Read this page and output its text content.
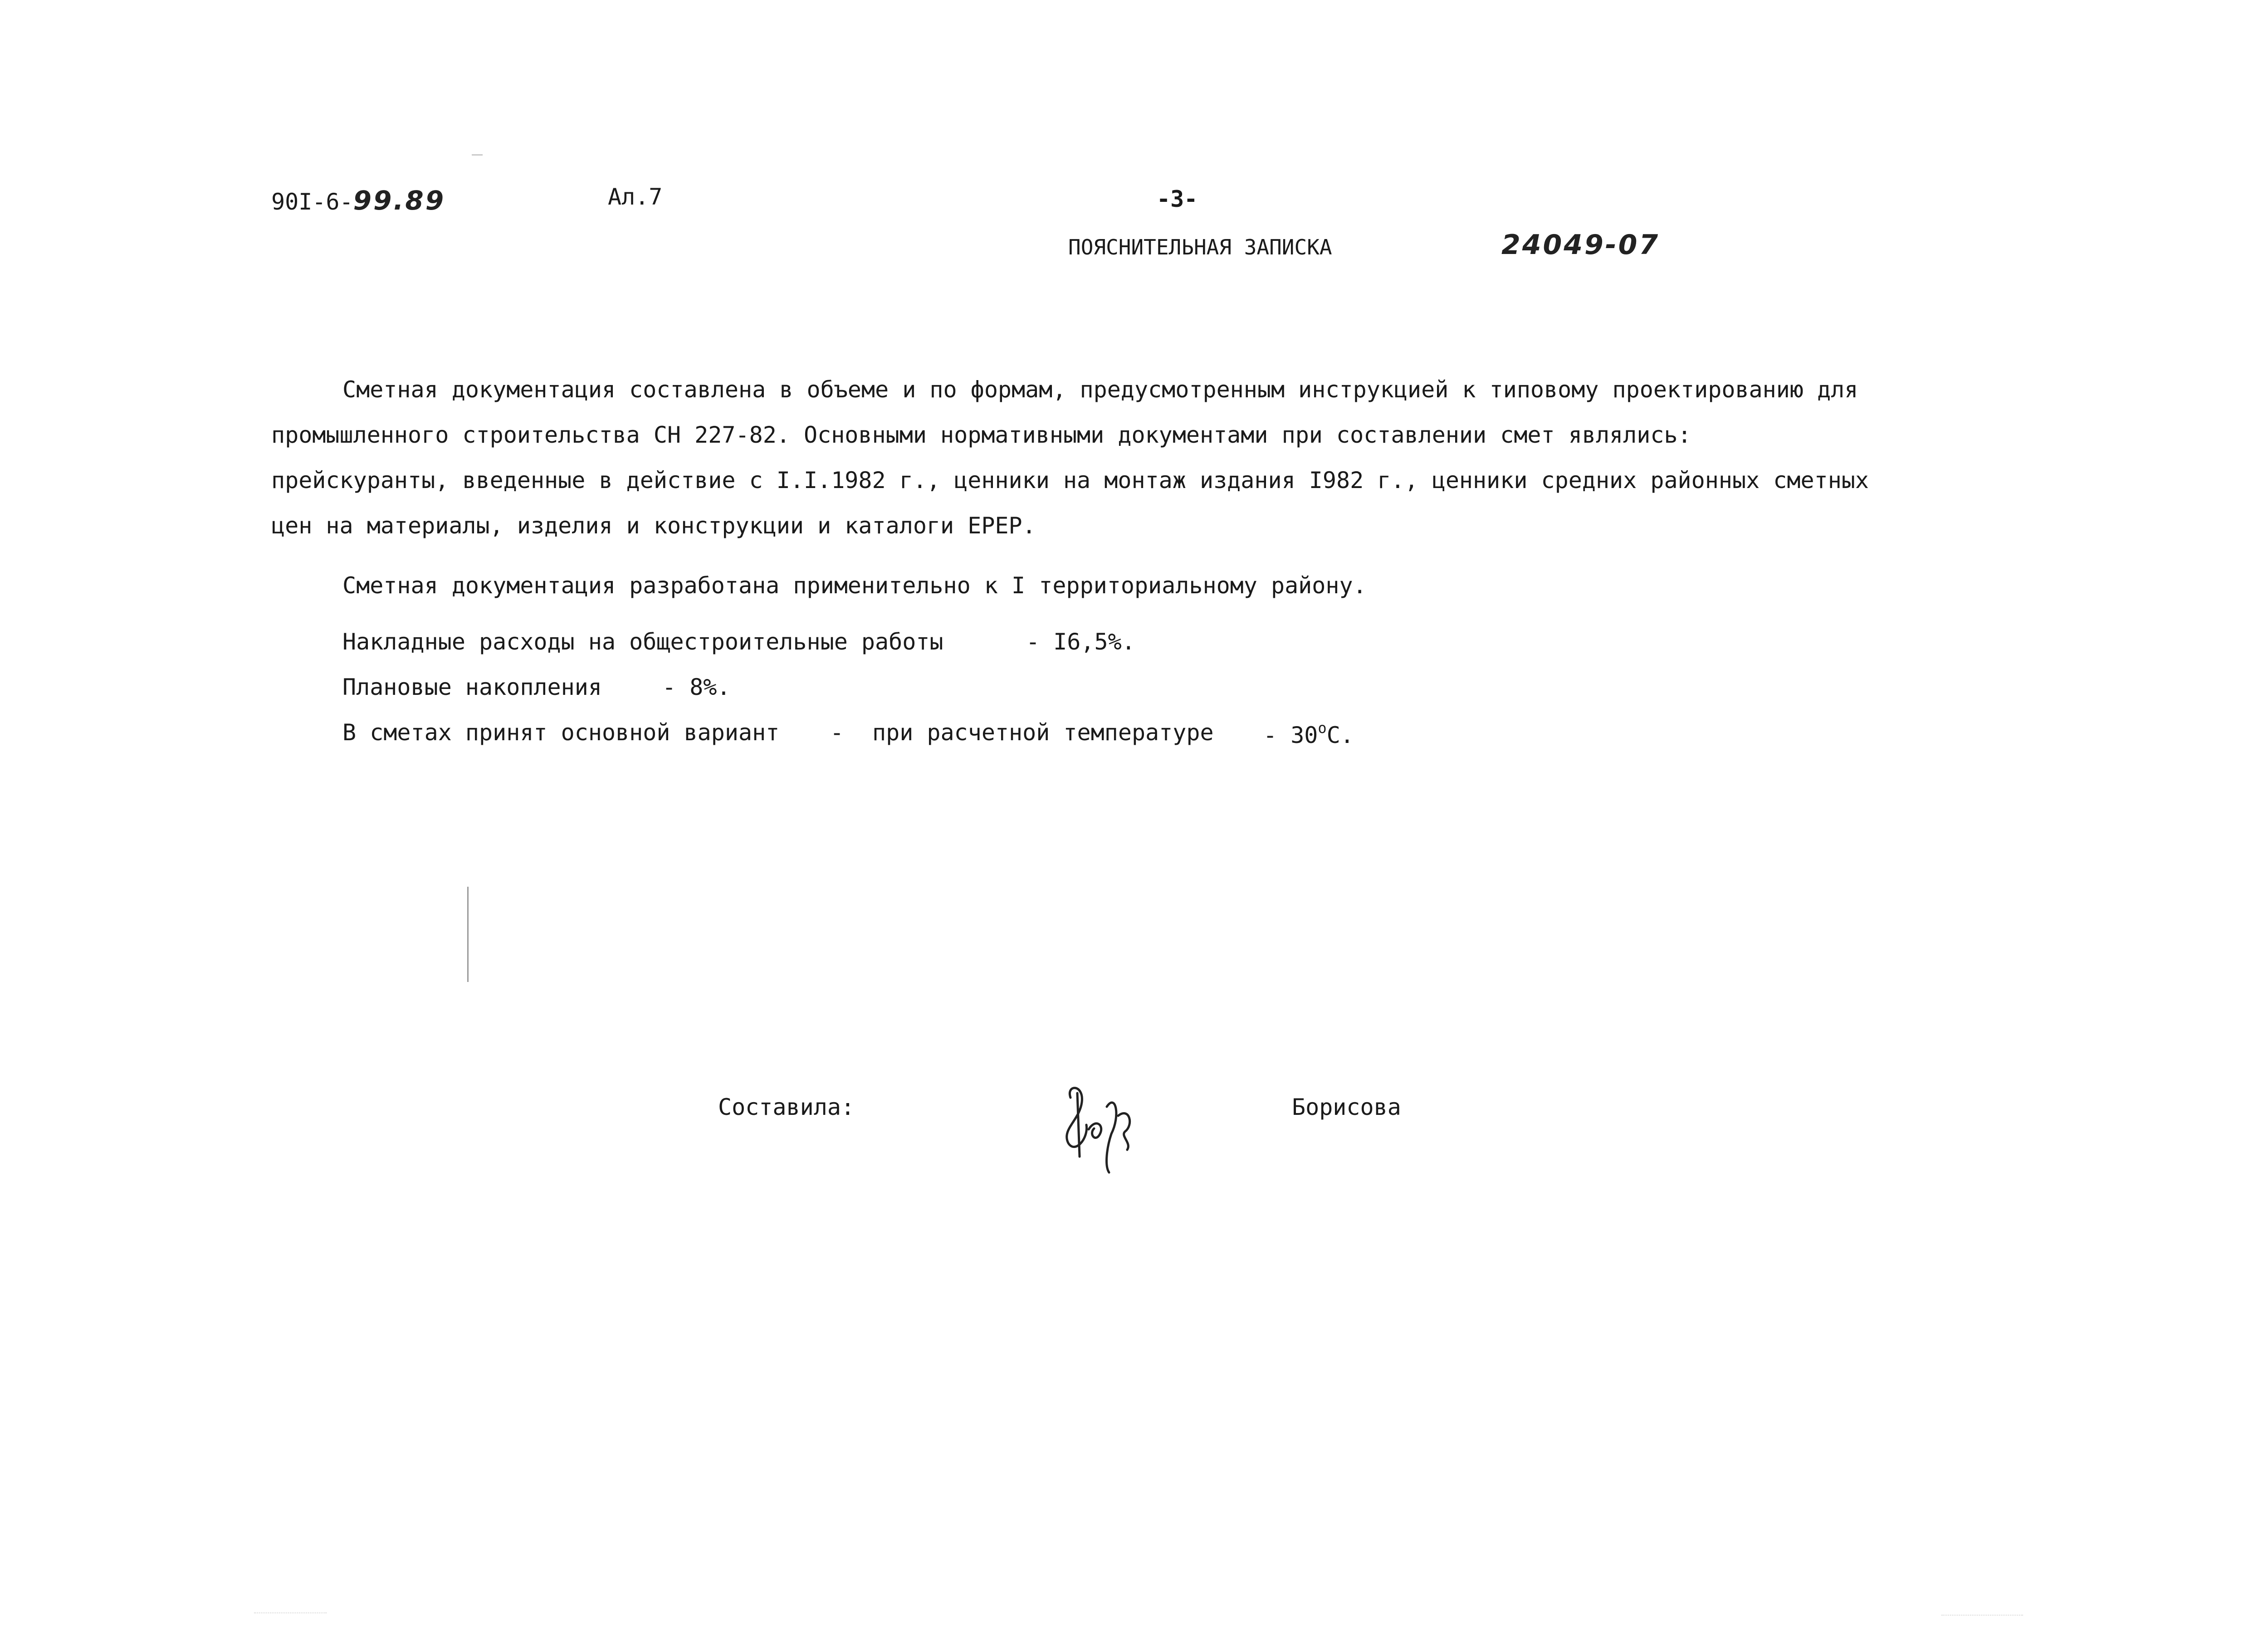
90I-6-99.89	Ал.7	-3-
ПОЯСНИТЕЛЬНАЯ ЗАПИСКА	24049-07
Сметная документация составлена в объеме и по формам, предусмотренным инструкцией к типовому проектированию для
промышленного строительства СН 227-82. Основными нормативными документами при составлении смет являлись:
прейскуранты, введенные в действие с I.I.1982 г., ценники на монтаж издания I982 г., ценники средних районных сметных
цен на материалы, изделия и конструкции и каталоги ЕРЕР.
Сметная документация разработана применительно к I территориальному району.
Накладные расходы на общестроительные работы	- I6,5%.
Плановые накопления	- 8%.
В сметах принят основной вариант - при расчетной температуре - $30^оС$.
Составила:	Борисова
